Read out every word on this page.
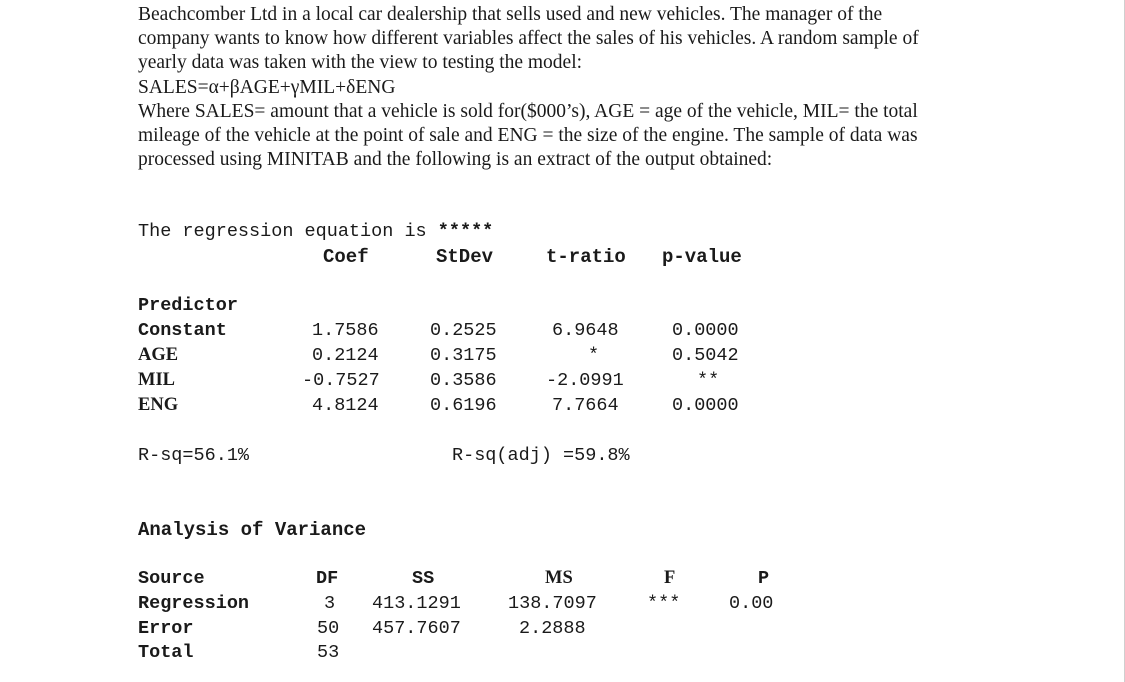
Beachcomber Ltd in a local car dealership that sells used and new vehicles. The manager of the

company wants to know how different variables affect the sales of his vehicles. A random sample of

yearly data was taken with the view to testing the model:

SALES=α+βAGE+γMIL+δENG

Where SALES= amount that a vehicle is sold for($000’s), AGE = age of the vehicle, MIL= the total

mileage of the vehicle at the point of sale and ENG = the size of the engine. The sample of data was

processed using MINITAB and the following is an extract of the output obtained:

The regression equation is *****
Coef	StDev	t-ratio p-value
Predictor
Constant	1.7586	0.2525	6.9648	0.0000
AGE	0.2124	0.3175	*	0.5042
MIL	-0.7527	0.3586	-2.0991	**
ENG	4.8124	0.6196	7.7664	0.0000
R-sq=56.1%	R-sq(adj) =59.8%
Analysis of Variance
Source	DF	SS	MS	F	P
Regression	3 413.1291	138.7097	***	0.00
Error	50 457.7607	2.2888
Total	53
